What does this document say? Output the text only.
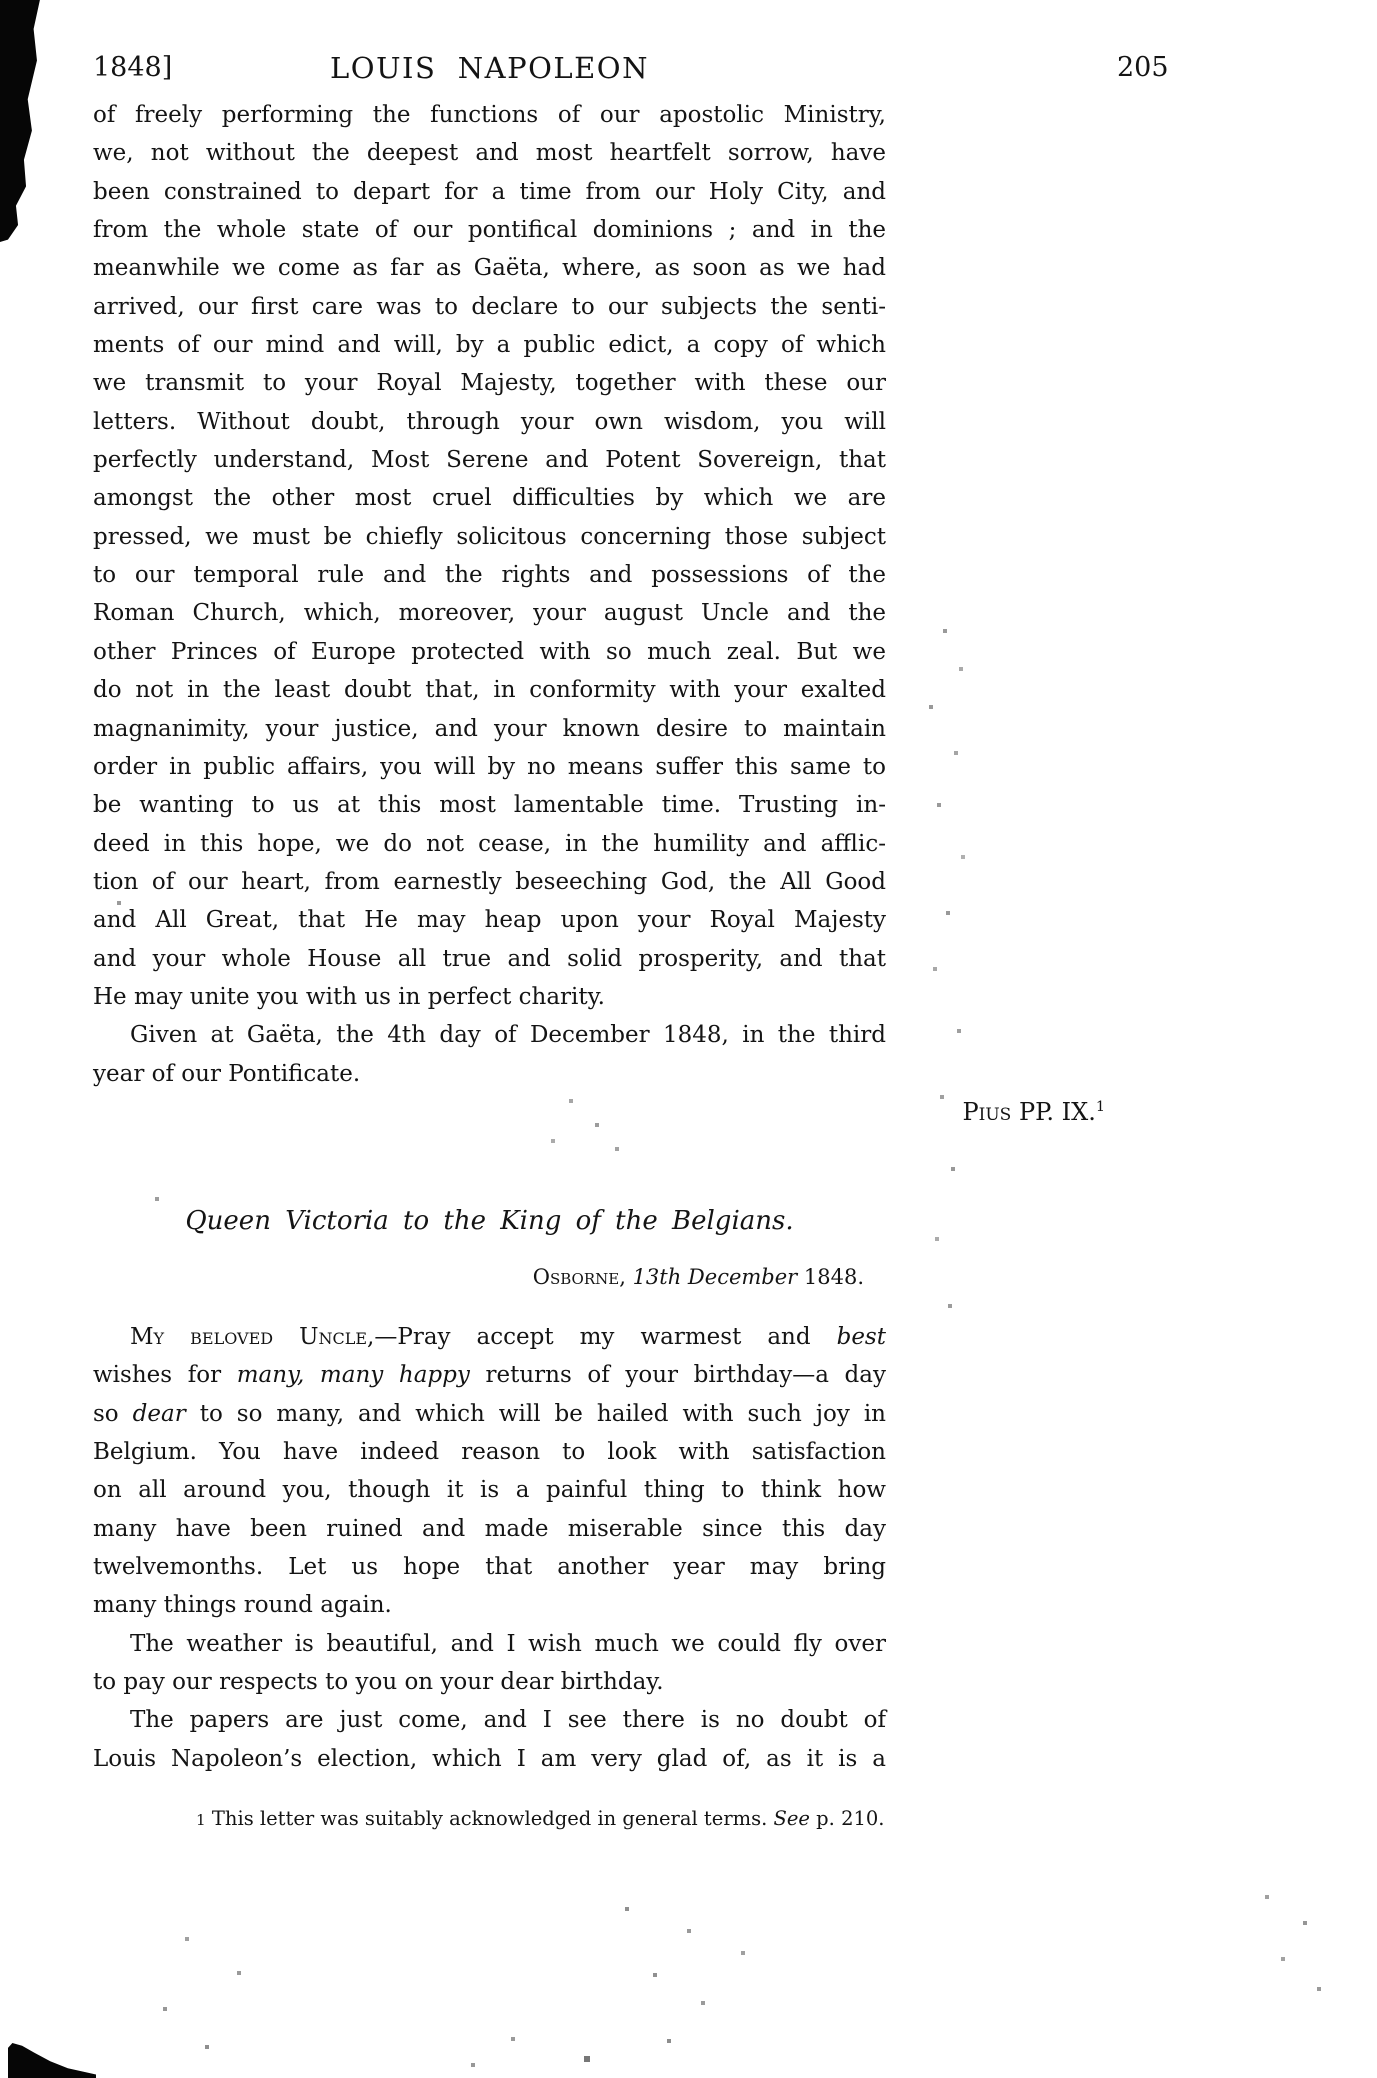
1848]	LOUIS  NAPOLEON	205
of freely performing the functions of our apostolic Ministry,
we, not without the deepest and most heartfelt sorrow, have
been constrained to depart for a time from our Holy City, and
from the whole state of our pontifical dominions ; and in the
meanwhile we come as far as Gaëta, where, as soon as we had
arrived, our first care was to declare to our subjects the senti-
ments of our mind and will, by a public edict, a copy of which
we transmit to your Royal Majesty, together with these our
letters. Without doubt, through your own wisdom, you will
perfectly understand, Most Serene and Potent Sovereign, that
amongst the other most cruel difficulties by which we are
pressed, we must be chiefly solicitous concerning those subject
to our temporal rule and the rights and possessions of the
Roman Church, which, moreover, your august Uncle and the
other Princes of Europe protected with so much zeal. But we
do not in the least doubt that, in conformity with your exalted
magnanimity, your justice, and your known desire to maintain
order in public affairs, you will by no means suffer this same to
be wanting to us at this most lamentable time. Trusting in-
deed in this hope, we do not cease, in the humility and afflic-
tion of our heart, from earnestly beseeching God, the All Good
and All Great, that He may heap upon your Royal Majesty
and your whole House all true and solid prosperity, and that
He may unite you with us in perfect charity.
Given at Gaëta, the 4th day of December 1848, in the third
year of our Pontificate.
Pius PP. IX.$^1$
Queen Victoria to the King of the Belgians.
Osborne, 13th December 1848.
My beloved Uncle,—Pray accept my warmest and best
wishes for many, many happy returns of your birthday—a day
so dear to so many, and which will be hailed with such joy in
Belgium. You have indeed reason to look with satisfaction
on all around you, though it is a painful thing to think how
many have been ruined and made miserable since this day
twelvemonths. Let us hope that another year may bring
many things round again.
The weather is beautiful, and I wish much we could fly over
to pay our respects to you on your dear birthday.
The papers are just come, and I see there is no doubt of
Louis Napoleon’s election, which I am very glad of, as it is a
1 This letter was suitably acknowledged in general terms. See p. 210.
